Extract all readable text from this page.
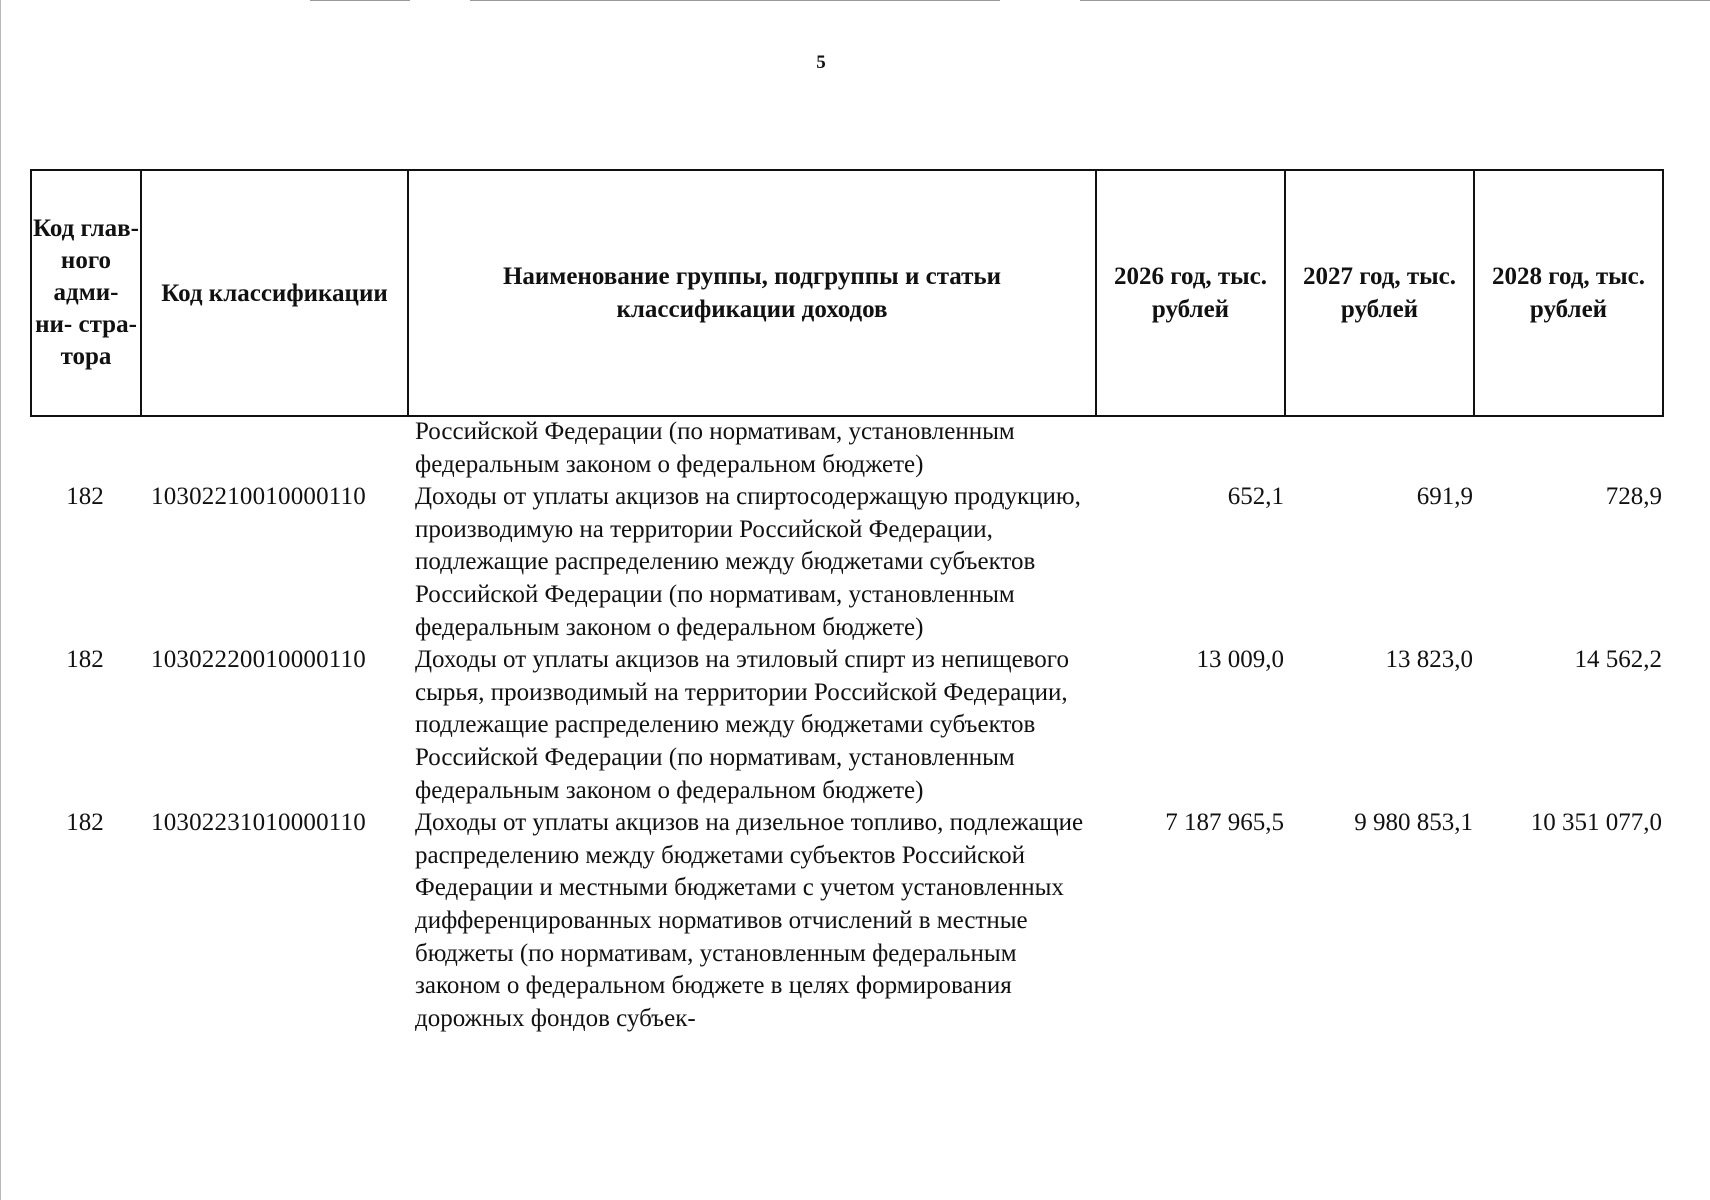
5
Код глав- ного адми- ни- стра- тора	Код классификации	Наименование группы, подгруппы и статьи классификации доходов	2026 год, тыс. рублей	2027 год, тыс. рублей	2028 год, тыс. рублей
		Российской Федерации (по нормативам, установленным федеральным законом о федеральном бюджете)			
182	10302210010000110	Доходы от уплаты акцизов на спиртосодержащую продукцию, производимую на территории Российской Федерации, подлежащие распределению между бюджетами субъектов Российской Федерации (по нормативам, установленным федеральным законом о федеральном бюджете)	652,1	691,9	728,9
182	10302220010000110	Доходы от уплаты акцизов на этиловый спирт из непищевого сырья, производимый на территории Российской Федерации, подлежащие распределению между бюджетами субъектов Российской Федерации (по нормативам, установленным федеральным законом о федеральном бюджете)	13 009,0	13 823,0	14 562,2
182	10302231010000110	Доходы от уплаты акцизов на дизельное топливо, подлежащие распределению между бюджетами субъектов Российской Федерации и местными бюджетами с учетом установленных дифференцированных нормативов отчислений в местные бюджеты (по нормативам, установленным федеральным законом о федеральном бюджете в целях формирования дорожных фондов субъек-	7 187 965,5	9 980 853,1	10 351 077,0
